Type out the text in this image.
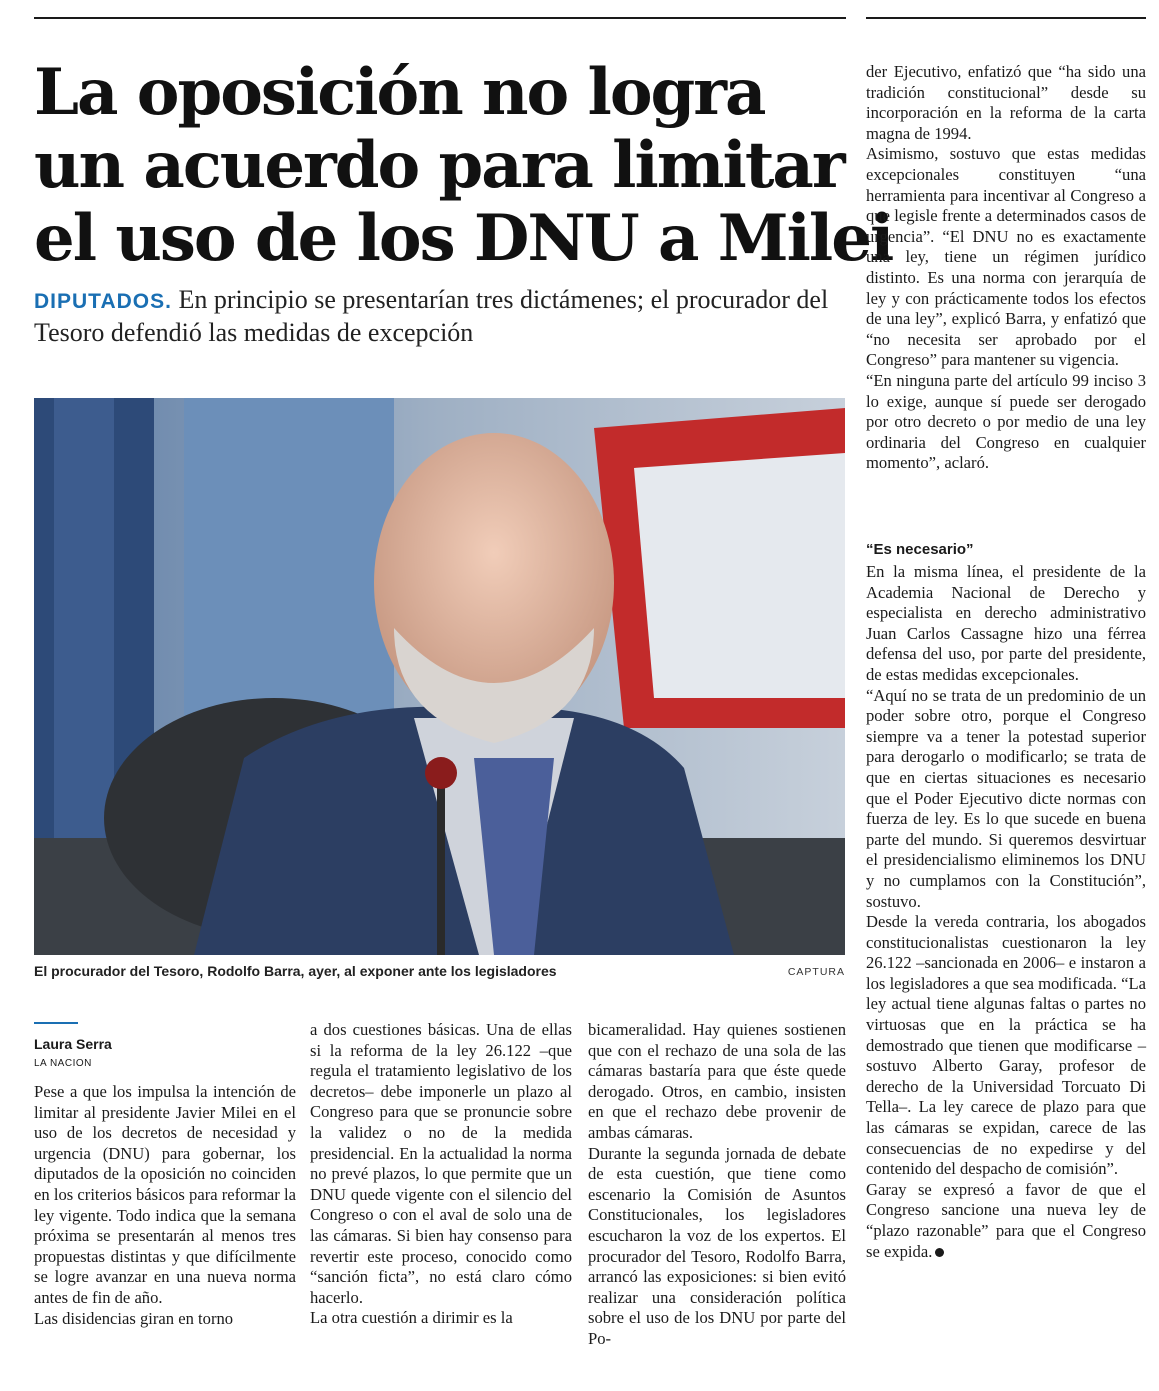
La oposición no logra
un acuerdo para limitar
el uso de los DNU a Milei
DIPUTADOS. En principio se presentarían tres dictámenes; el procurador del Tesoro defendió las medidas de excepción
El procurador del Tesoro, Rodolfo Barra, ayer, al exponer ante los legisladores	CAPTURA
Laura Serra
LA NACION
Pese a que los impulsa la intención de limitar al presidente Javier Milei en el uso de los decretos de necesidad y urgencia (DNU) para gobernar, los diputados de la oposición no coinciden en los criterios básicos para reformar la ley vigente. Todo indica que la semana próxima se presentarán al menos tres propuestas distintas y que difícilmente se logre avanzar en una nueva norma antes de fin de año.
Las disidencias giran en torno
a dos cuestiones básicas. Una de ellas si la reforma de la ley 26.122 –que regula el tratamiento legislativo de los decretos– debe imponerle un plazo al Congreso para que se pronuncie sobre la validez o no de la medida presidencial. En la actualidad la norma no prevé plazos, lo que permite que un DNU quede vigente con el silencio del Congreso o con el aval de solo una de las cámaras. Si bien hay consenso para revertir este proceso, conocido como “sanción ficta”, no está claro cómo hacerlo.
La otra cuestión a dirimir es la
bicameralidad. Hay quienes sostienen que con el rechazo de una sola de las cámaras bastaría para que éste quede derogado. Otros, en cambio, insisten en que el rechazo debe provenir de ambas cámaras.
Durante la segunda jornada de debate de esta cuestión, que tiene como escenario la Comisión de Asuntos Constitucionales, los legisladores escucharon la voz de los expertos. El procurador del Tesoro, Rodolfo Barra, arrancó las exposiciones: si bien evitó realizar una consideración política sobre el uso de los DNU por parte del Po-
der Ejecutivo, enfatizó que “ha sido una tradición constitucional” desde su incorporación en la reforma de la carta magna de 1994.
Asimismo, sostuvo que estas medidas excepcionales constituyen “una herramienta para incentivar al Congreso a que legisle frente a determinados casos de urgencia”. “El DNU no es exactamente una ley, tiene un régimen jurídico distinto. Es una norma con jerarquía de ley y con prácticamente todos los efectos de una ley”, explicó Barra, y enfatizó que “no necesita ser aprobado por el Congreso” para mantener su vigencia.
“En ninguna parte del artículo 99 inciso 3 lo exige, aunque sí puede ser derogado por otro decreto o por medio de una ley ordinaria del Congreso en cualquier momento”, aclaró.
“Es necesario”
En la misma línea, el presidente de la Academia Nacional de Derecho y especialista en derecho administrativo Juan Carlos Cassagne hizo una férrea defensa del uso, por parte del presidente, de estas medidas excepcionales.
“Aquí no se trata de un predominio de un poder sobre otro, porque el Congreso siempre va a tener la potestad superior para derogarlo o modificarlo; se trata de que en ciertas situaciones es necesario que el Poder Ejecutivo dicte normas con fuerza de ley. Es lo que sucede en buena parte del mundo. Si queremos desvirtuar el presidencialismo eliminemos los DNU y no cumplamos con la Constitución”, sostuvo.
Desde la vereda contraria, los abogados constitucionalistas cuestionaron la ley 26.122 –sancionada en 2006– e instaron a los legisladores a que sea modificada. “La ley actual tiene algunas faltas o partes no virtuosas que en la práctica se ha demostrado que tienen que modificarse –sostuvo Alberto Garay, profesor de derecho de la Universidad Torcuato Di Tella–. La ley carece de plazo para que las cámaras se expidan, carece de las consecuencias de no expedirse y del contenido del despacho de comisión”.
Garay se expresó a favor de que el Congreso sancione una nueva ley de “plazo razonable” para que el Congreso se expida.
